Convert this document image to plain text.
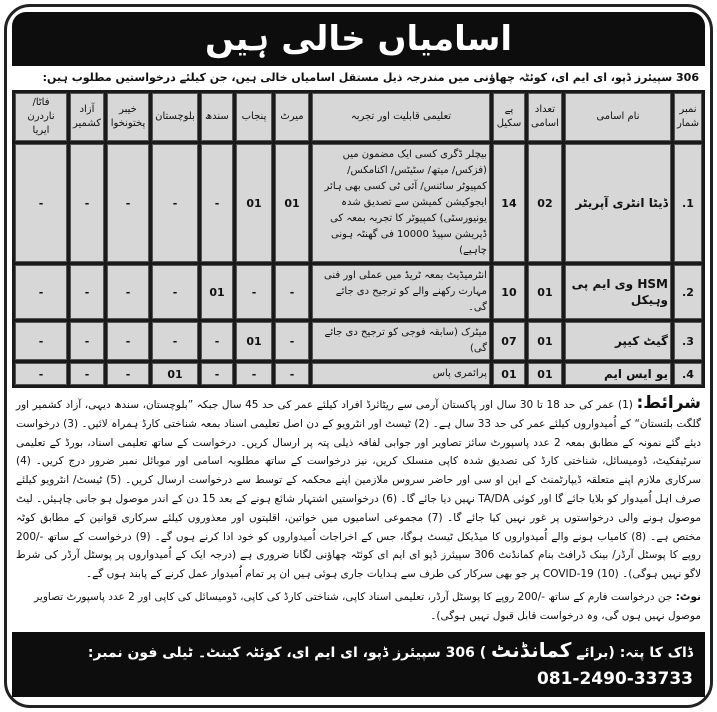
اسامیاں خالی ہیں
306 سپیئرز ڈپو، ای ایم ای، کوئٹہ چھاؤنی میں مندرجہ ذیل مستقل اسامیاں خالی ہیں، جن کیلئے درخواستیں مطلوب ہیں:
نمبر شمار	نام اسامی	تعداد اسامی	پے سکیل	تعلیمی قابلیت اور تجربہ	میرٹ	پنجاب	سندھ	بلوچستان	خیبر پختونخوا	آزاد کشمیر	فاٹا/ ناردرن ایریا
1.	ڈیٹا انٹری آپریٹر	02	14	بیچلر ڈگری کسی ایک مضمون میں (فزکس/ میتھ/ سٹیٹس/ اکنامکس/ کمپیوٹر سائنس/ آئی ٹی کسی بھی ہائر ایجوکیشن کمیشن سے تصدیق شدہ یونیورسٹی) کمپیوٹر کا تجربہ بمعہ کی ڈپریشن سپیڈ 10000 فی گھنٹہ ہونی چاہیے)	01	01	-	-	-	-	-
2.	HSM وی ایم پی وہیکل	01	10	انٹرمیڈیٹ بمعہ ٹریڈ میں عملی اور فنی مہارت رکھنے والے کو ترجیح دی جائے گی۔	-	-	01	-	-	-	-
3.	گیٹ کیپر	01	07	میٹرک (سابقہ فوجی کو ترجیح دی جائے گی)	-	01	-	-	-	-	-
4.	یو ایس ایم	01	01	پرائمری پاس	-	-	-	01	-	-	-
شرائط: (1) عمر کی حد 18 تا 30 سال اور پاکستان آرمی سے ریٹائرڈ افراد کیلئے عمر کی حد 45 سال جبکہ ”بلوچستان، سندھ دیہی، آزاد کشمیر اور گلگت بلتستان“ کے اُمیدواروں کیلئے عمر کی حد 33 سال ہے۔ (2) ٹیسٹ اور انٹرویو کے دن اصل تعلیمی اسناد بمعہ شناختی کارڈ ہمراہ لائیں۔ (3) درخواست دیئے گئے نمونہ کے مطابق بمعہ 2 عدد پاسپورٹ سائز تصاویر اور جوابی لفافہ ذیلی پتہ پر ارسال کریں۔ درخواست کے ساتھ تعلیمی اسناد، بورڈ کے تعلیمی سرٹیفکیٹ، ڈومیسائل، شناختی کارڈ کی تصدیق شدہ کاپی منسلک کریں، نیز درخواست کے ساتھ مطلوبہ اسامی اور موبائل نمبر ضرور درج کریں۔ (4) سرکاری ملازم اپنے متعلقہ ڈیپارٹمنٹ کے این او سی اور حاضر سروس ملازمین اپنے محکمہ کے توسط سے درخواست ارسال کریں۔ (5) ٹیسٹ/ انٹرویو کیلئے صرف اہل اُمیدوار کو بلایا جائے گا اور کوئی TA/DA نہیں دیا جائے گا۔ (6) درخواستیں اشتہار شائع ہونے کے بعد 15 دن کے اندر موصول ہو جانی چاہیئں۔ لیٹ موصول ہونے والی درخواستوں پر غور نہیں کیا جائے گا۔ (7) مجموعی اسامیوں میں خواتین، اقلیتوں اور معذوروں کیلئے سرکاری قوانین کے مطابق کوٹہ مختص ہے۔ (8) کامیاب ہونے والے اُمیدواروں کا میڈیکل ٹیسٹ ہوگا، جس کے اخراجات اُمیدواروں کو خود ادا کرنے ہوں گے۔ (9) درخواست کے ساتھ -/200 روپے کا پوسٹل آرڈر/ بینک ڈرافٹ بنام کمانڈنٹ 306 سپیئرز ڈپو ای ایم ای کوئٹہ چھاؤنی لگانا ضروری ہے (درجہ ایک کے اُمیدواروں پر پوسٹل آرڈر کی شرط لاگو نہیں ہوگی)۔ (10) COVID-19 پر جو بھی سرکار کی طرف سے ہدایات جاری ہوئی ہیں ان پر تمام اُمیدوار عمل کرنے کے پابند ہوں گے۔
نوٹ: جن درخواست فارم کے ساتھ -/200 روپے کا پوسٹل آرڈر، تعلیمی اسناد کاپی، شناختی کارڈ کی کاپی، ڈومیسائل کی کاپی اور 2 عدد پاسپورٹ تصاویر موصول نہیں ہوں گی، وہ درخواست قابل قبول نہیں ہوگی)۔
ڈاک کا پتہ: (برائے کمانڈنٹ ) 306 سپیئرز ڈپو، ای ایم ای، کوئٹہ کینٹ۔ ٹیلی فون نمبر:
081-2490-33733
